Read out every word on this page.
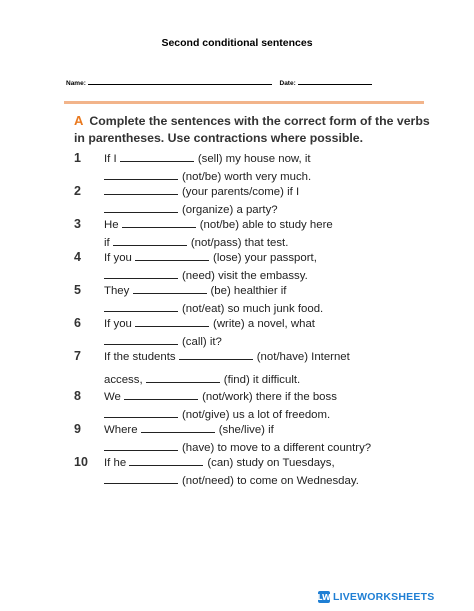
Second conditional sentences
Name:	Date:
A Complete the sentences with the correct form of the verbs in parentheses. Use contractions where possible.
1	If I	(sell) my house now, it
(not/be) worth very much.
2	(your parents/come) if I
(organize) a party?
3	He	(not/be) able to study here
if	(not/pass) that test.
4	If you	(lose) your passport,
(need) visit the embassy.
5	They	(be) healthier if
(not/eat) so much junk food.
6	If you	(write) a novel, what
(call) it?
7	If the students	(not/have) Internet
access,	(find) it difficult.
8	We	(not/work) there if the boss
(not/give) us a lot of freedom.
9	Where	(she/live) if
(have) to move to a different country?
10	If he	(can) study on Tuesdays,
(not/need) to come on Wednesday.
LW LIVEWORKSHEETS
